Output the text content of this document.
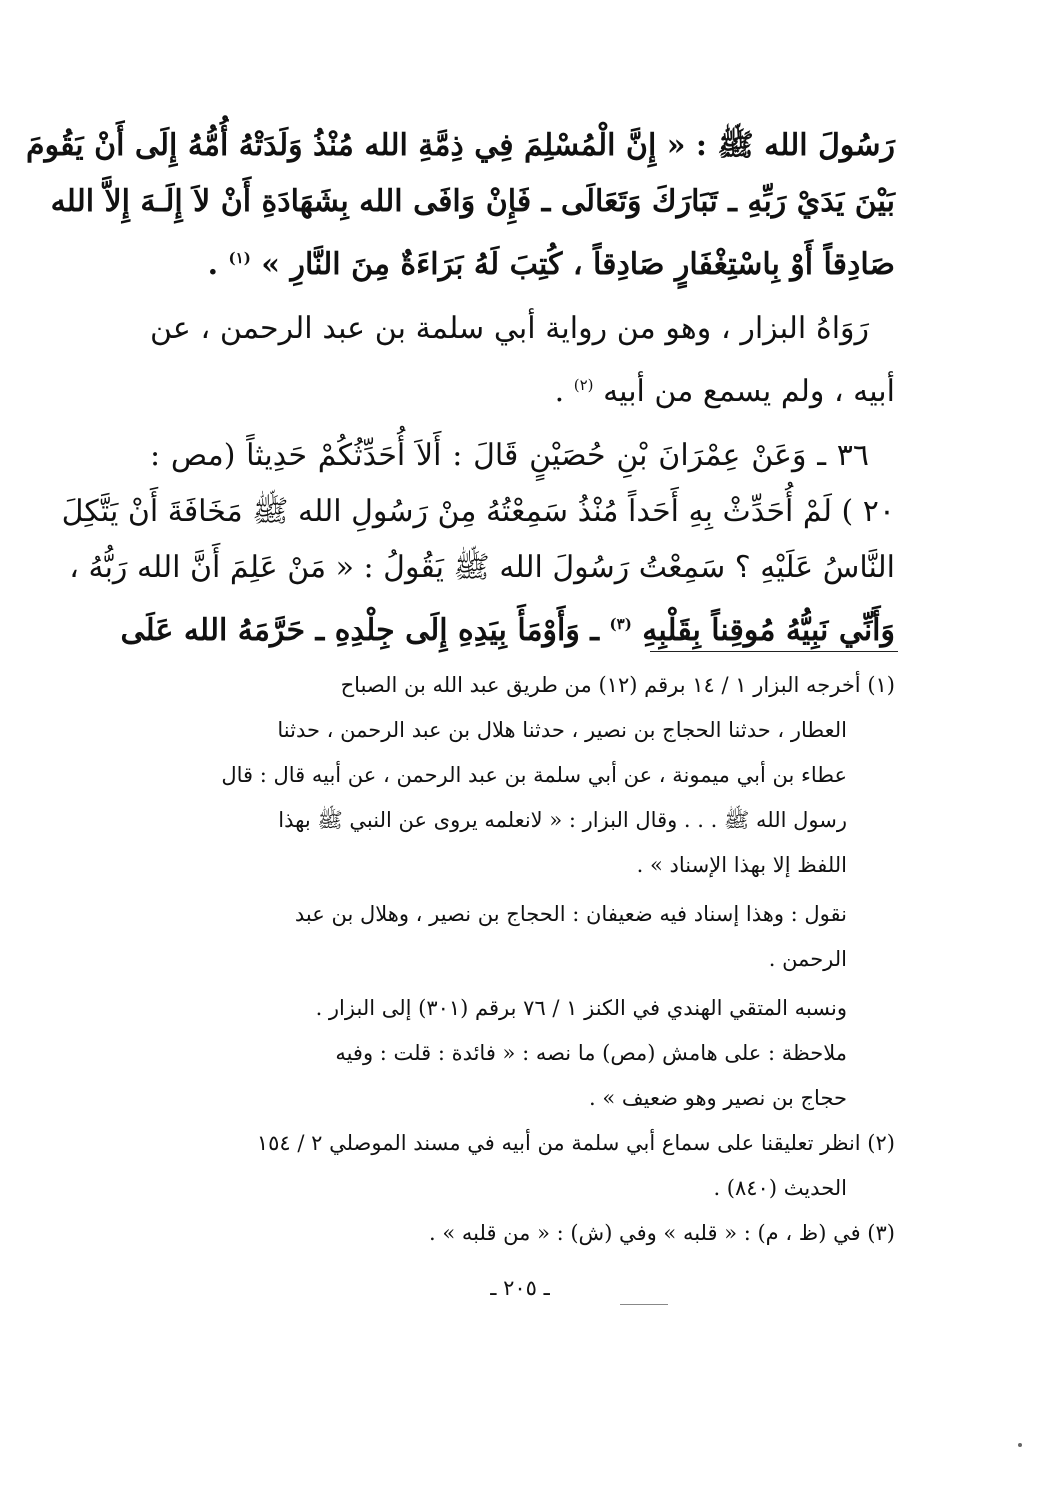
رَسُولَ الله ﷺ : « إِنَّ الْمُسْلِمَ فِي ذِمَّةِ الله مُنْذُ وَلَدَتْهُ أُمُّهُ إِلَى أَنْ يَقُومَ
بَيْنَ يَدَيْ رَبِّهِ ـ تَبَارَكَ وَتَعَالَى ـ فَإِنْ وَافَى الله بِشَهَادَةِ أَنْ لاَ إِلَـهَ إِلاَّ الله
صَادِقاً أَوْ بِاسْتِغْفَارٍ صَادِقاً ، كُتِبَ لَهُ بَرَاءَةٌ مِنَ النَّارِ » $^{(١)}$ .
رَوَاهُ البزار ، وهو من رواية أبي سلمة بن عبد الرحمن ، عن
أبيه ، ولم يسمع من أبيه $^{(٢)}$ .
٣٦ ـ وَعَنْ عِمْرَانَ بْنِ حُصَيْنٍ قَالَ : أَلاَ أُحَدِّثُكُمْ حَدِيثاً (مص :
٢٠ ) لَمْ أُحَدِّثْ بِهِ أَحَداً مُنْذُ سَمِعْتُهُ مِنْ رَسُولِ الله ﷺ مَخَافَةَ أَنْ يَتَّكِلَ
النَّاسُ عَلَيْهِ ؟ سَمِعْتُ رَسُولَ الله ﷺ يَقُولُ : « مَنْ عَلِمَ أَنَّ الله رَبُّهُ ،
وَأَنِّي نَبِيُّهُ مُوقِناً بِقَلْبِهِ $^{(٣)}$ ـ وَأَوْمَأَ بِيَدِهِ إِلَى جِلْدِهِ ـ حَرَّمَهُ الله عَلَى
(١) أخرجه البزار ١ / ١٤ برقم (١٢) من طريق عبد الله بن الصباح
العطار ، حدثنا الحجاج بن نصير ، حدثنا هلال بن عبد الرحمن ، حدثنا
عطاء بن أبي ميمونة ، عن أبي سلمة بن عبد الرحمن ، عن أبيه قال : قال
رسول الله ﷺ . . . وقال البزار : « لانعلمه يروى عن النبي ﷺ بهذا
اللفظ إلا بهذا الإسناد » .
نقول : وهذا إسناد فيه ضعيفان : الحجاج بن نصير ، وهلال بن عبد
الرحمن .
ونسبه المتقي الهندي في الكنز ١ / ٧٦ برقم (٣٠١) إلى البزار .
ملاحظة : على هامش (مص) ما نصه : « فائدة : قلت : وفيه
حجاج بن نصير وهو ضعيف » .
(٢) انظر تعليقنا على سماع أبي سلمة من أبيه في مسند الموصلي ٢ / ١٥٤
الحديث (٨٤٠) .
(٣) في (ظ ، م) : « قلبه » وفي (ش) : « من قلبه » .
ـ ٢٠٥ ـ
